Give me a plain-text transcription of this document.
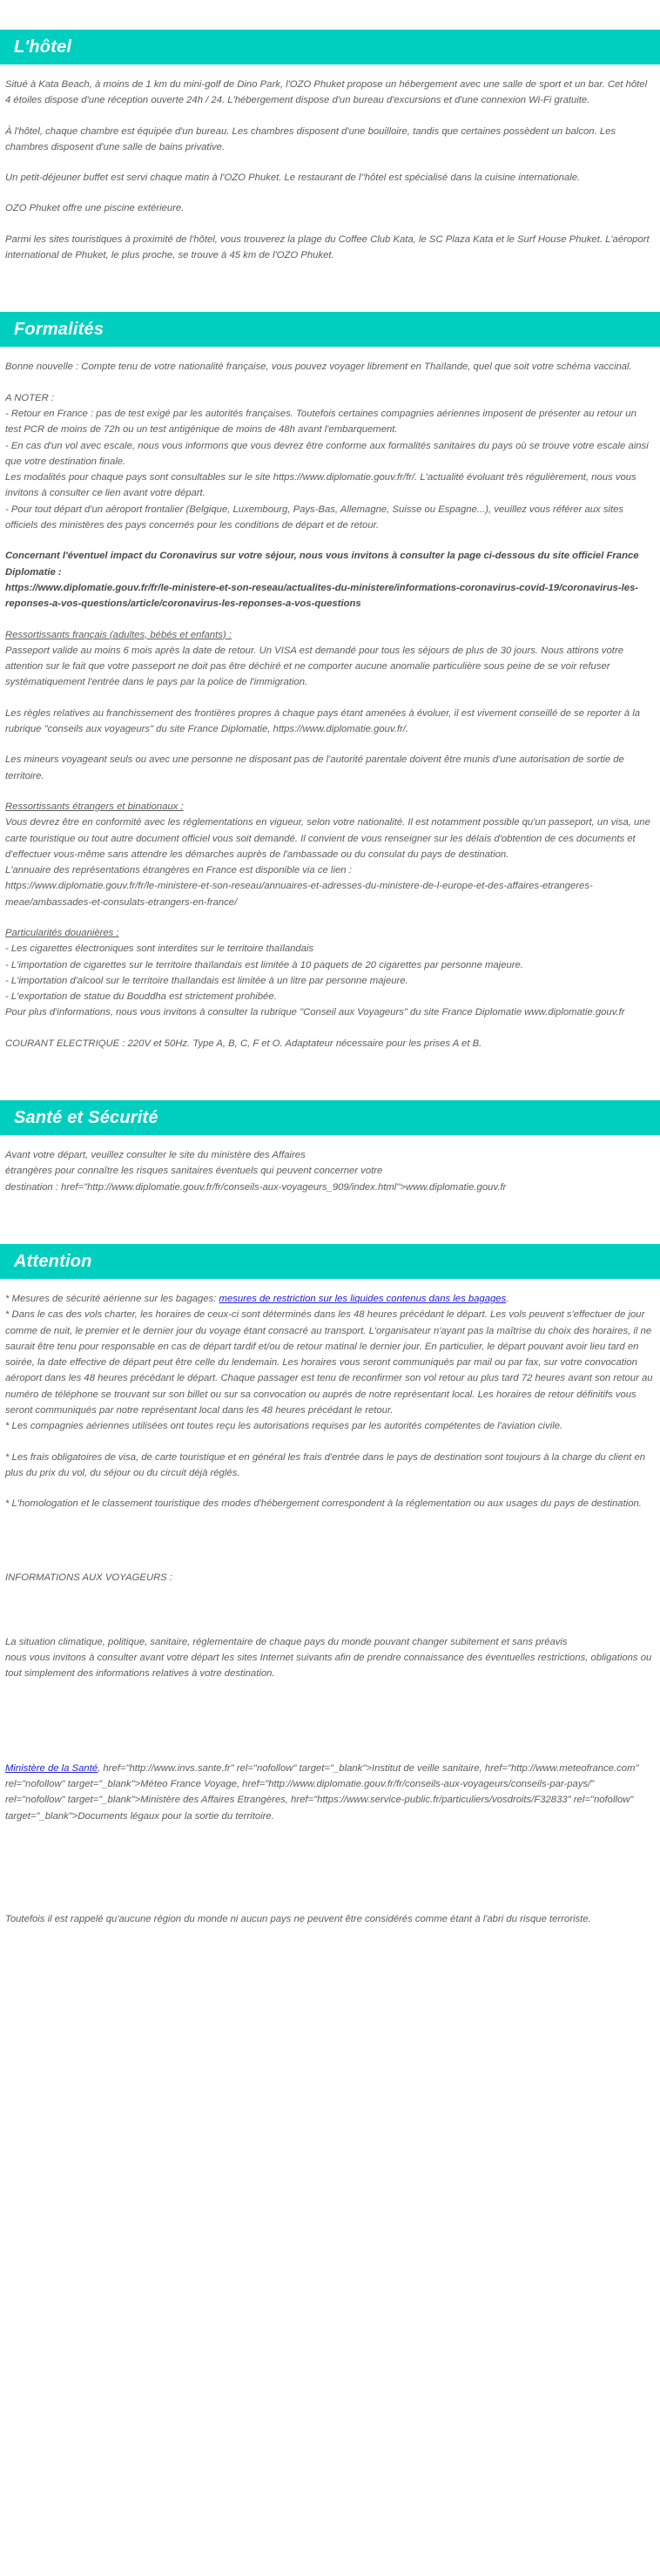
L'hôtel

Situé à Kata Beach, à moins de 1 km du mini-golf de Dino Park, l'OZO Phuket propose un hébergement avec une salle de sport et un bar. Cet hôtel 4 étoiles dispose d'une réception ouverte 24h / 24. L'hébergement dispose d'un bureau d'excursions et d'une connexion Wi-Fi gratuite.

À l'hôtel, chaque chambre est équipée d'un bureau. Les chambres disposent d'une bouilloire, tandis que certaines possèdent un balcon. Les chambres disposent d'une salle de bains privative.

Un petit-déjeuner buffet est servi chaque matin à l'OZO Phuket. Le restaurant de l''hôtel est spécialisé dans la cuisine internationale.

OZO Phuket offre une piscine extérieure.

Parmi les sites touristiques à proximité de l'hôtel, vous trouverez la plage du Coffee Club Kata, le SC Plaza Kata et le Surf House Phuket. L'aéroport international de Phuket, le plus proche, se trouve à 45 km de l'OZO Phuket.

Formalités

Bonne nouvelle : Compte tenu de votre nationalité française, vous pouvez voyager librement en Thaïlande, quel que soit votre schéma vaccinal.

A NOTER :

- Retour en France : pas de test exigé par les autorités françaises. Toutefois certaines compagnies aériennes imposent de présenter au retour un test PCR de moins de 72h ou un test antigénique de moins de 48h avant l'embarquement.

- En cas d'un vol avec escale, nous vous informons que vous devrez être conforme aux formalités sanitaires du pays où se trouve votre escale ainsi que votre destination finale.

Les modalités pour chaque pays sont consultables sur le site https://www.diplomatie.gouv.fr/fr/. L'actualité évoluant très régulièrement, nous vous invitons à consulter ce lien avant votre départ.

- Pour tout départ d'un aéroport frontalier (Belgique, Luxembourg, Pays-Bas, Allemagne, Suisse ou Espagne...), veuillez vous référer aux sites officiels des ministères des pays concernés pour les conditions de départ et de retour.

Concernant l'éventuel impact du Coronavirus sur votre séjour, nous vous invitons à consulter la page ci-dessous du site officiel France Diplomatie :

https://www.diplomatie.gouv.fr/fr/le-ministere-et-son-reseau/actualites-du-ministere/informations-coronavirus-covid-19/coronavirus-les-reponses-a-vos-questions/article/coronavirus-les-reponses-a-vos-questions

Ressortissants français (adultes, bébés et enfants) :

Passeport valide au moins 6 mois après la date de retour. Un VISA est demandé pour tous les séjours de plus de 30 jours. Nous attirons votre attention sur le fait que votre passeport ne doit pas être déchiré et ne comporter aucune anomalie particulière sous peine de se voir refuser systématiquement l'entrée dans le pays par la police de l'immigration.

Les règles relatives au franchissement des frontières propres à chaque pays étant amenées à évoluer, il est vivement conseillé de se reporter à la rubrique "conseils aux voyageurs" du site France Diplomatie, https://www.diplomatie.gouv.fr/.

Les mineurs voyageant seuls ou avec une personne ne disposant pas de l'autorité parentale doivent être munis d'une autorisation de sortie de territoire.

Ressortissants étrangers et binationaux :

Vous devrez être en conformité avec les réglementations en vigueur, selon votre nationalité. Il est notamment possible qu'un passeport, un visa, une carte touristique ou tout autre document officiel vous soit demandé. Il convient de vous renseigner sur les délais d'obtention de ces documents et d'effectuer vous-même sans attendre les démarches auprès de l'ambassade ou du consulat du pays de destination.

L'annuaire des représentations étrangères en France est disponible via ce lien :

https://www.diplomatie.gouv.fr/fr/le-ministere-et-son-reseau/annuaires-et-adresses-du-ministere-de-l-europe-et-des-affaires-etrangeres-meae/ambassades-et-consulats-etrangers-en-france/

Particularités douanières :

- Les cigarettes électroniques sont interdites sur le territoire thaïlandais

- L'importation de cigarettes sur le territoire thaïlandais est limitée à 10 paquets de 20 cigarettes par personne majeure.

- L'importation d'alcool sur le territoire thaïlandais est limitée à un litre par personne majeure.

- L'exportation de statue du Bouddha est strictement prohibée.

Pour plus d'informations, nous vous invitons à consulter la rubrique "Conseil aux Voyageurs" du site France Diplomatie www.diplomatie.gouv.fr

COURANT ELECTRIQUE : 220V et 50Hz. Type A, B, C, F et O. Adaptateur nécessaire pour les prises A et B.

Santé et Sécurité

Avant votre départ, veuillez consulter le site du ministère des Affaires

étrangères pour connaître les risques sanitaires éventuels qui peuvent concerner votre

destination : href="http://www.diplomatie.gouv.fr/fr/conseils-aux-voyageurs_909/index.html">www.diplomatie.gouv.fr

Attention

* Mesures de sécurité aérienne sur les bagages: mesures de restriction sur les liquides contenus dans les bagages.

* Dans le cas des vols charter, les horaires de ceux-ci sont déterminés dans les 48 heures précédant le départ. Les vols peuvent s'effectuer de jour comme de nuit, le premier et le dernier jour du voyage étant consacré au transport. L'organisateur n'ayant pas la maîtrise du choix des horaires, il ne saurait être tenu pour responsable en cas de départ tardif et/ou de retour matinal le dernier jour. En particulier, le départ pouvant avoir lieu tard en soirée, la date effective de départ peut être celle du lendemain. Les horaires vous seront communiqués par mail ou par fax, sur votre convocation aéroport dans les 48 heures précédant le départ. Chaque passager est tenu de reconfirmer son vol retour au plus tard 72 heures avant son retour au numéro de téléphone se trouvant sur son billet ou sur sa convocation ou auprés de notre représentant local. Les horaires de retour définitifs vous seront communiqués par notre représentant local dans les 48 heures précédant le retour.

* Les compagnies aériennes utilisées ont toutes reçu les autorisations requises par les autorités compétentes de l'aviation civile.

* Les frais obligatoires de visa, de carte touristique et en général les frais d'entrée dans le pays de destination sont toujours à la charge du client en plus du prix du vol, du séjour ou du circuit déjà réglés.

* L'homologation et le classement touristique des modes d'hébergement correspondent à la réglementation ou aux usages du pays de destination.

INFORMATIONS AUX VOYAGEURS :

La situation climatique, politique, sanitaire, réglementaire de chaque pays du monde pouvant changer subitement et sans préavis

nous vous invitons à consulter avant votre départ les sites Internet suivants afin de prendre connaissance des éventuelles restrictions, obligations ou tout simplement des informations relatives à votre destination.

Ministère de la Santé, href="http://www.invs.sante.fr" rel="nofollow" target="_blank">Institut de veille sanitaire, href="http://www.meteofrance.com" rel="nofollow" target="_blank">Méteo France Voyage, href="http://www.diplomatie.gouv.fr/fr/conseils-aux-voyageurs/conseils-par-pays/" rel="nofollow" target="_blank">Ministère des Affaires Etrangères, href="https://www.service-public.fr/particuliers/vosdroits/F32833" rel="nofollow" target="_blank">Documents légaux pour la sortie du territoire.

Toutefois il est rappelé qu'aucune région du monde ni aucun pays ne peuvent être considérés comme étant à l'abri du risque terroriste.
